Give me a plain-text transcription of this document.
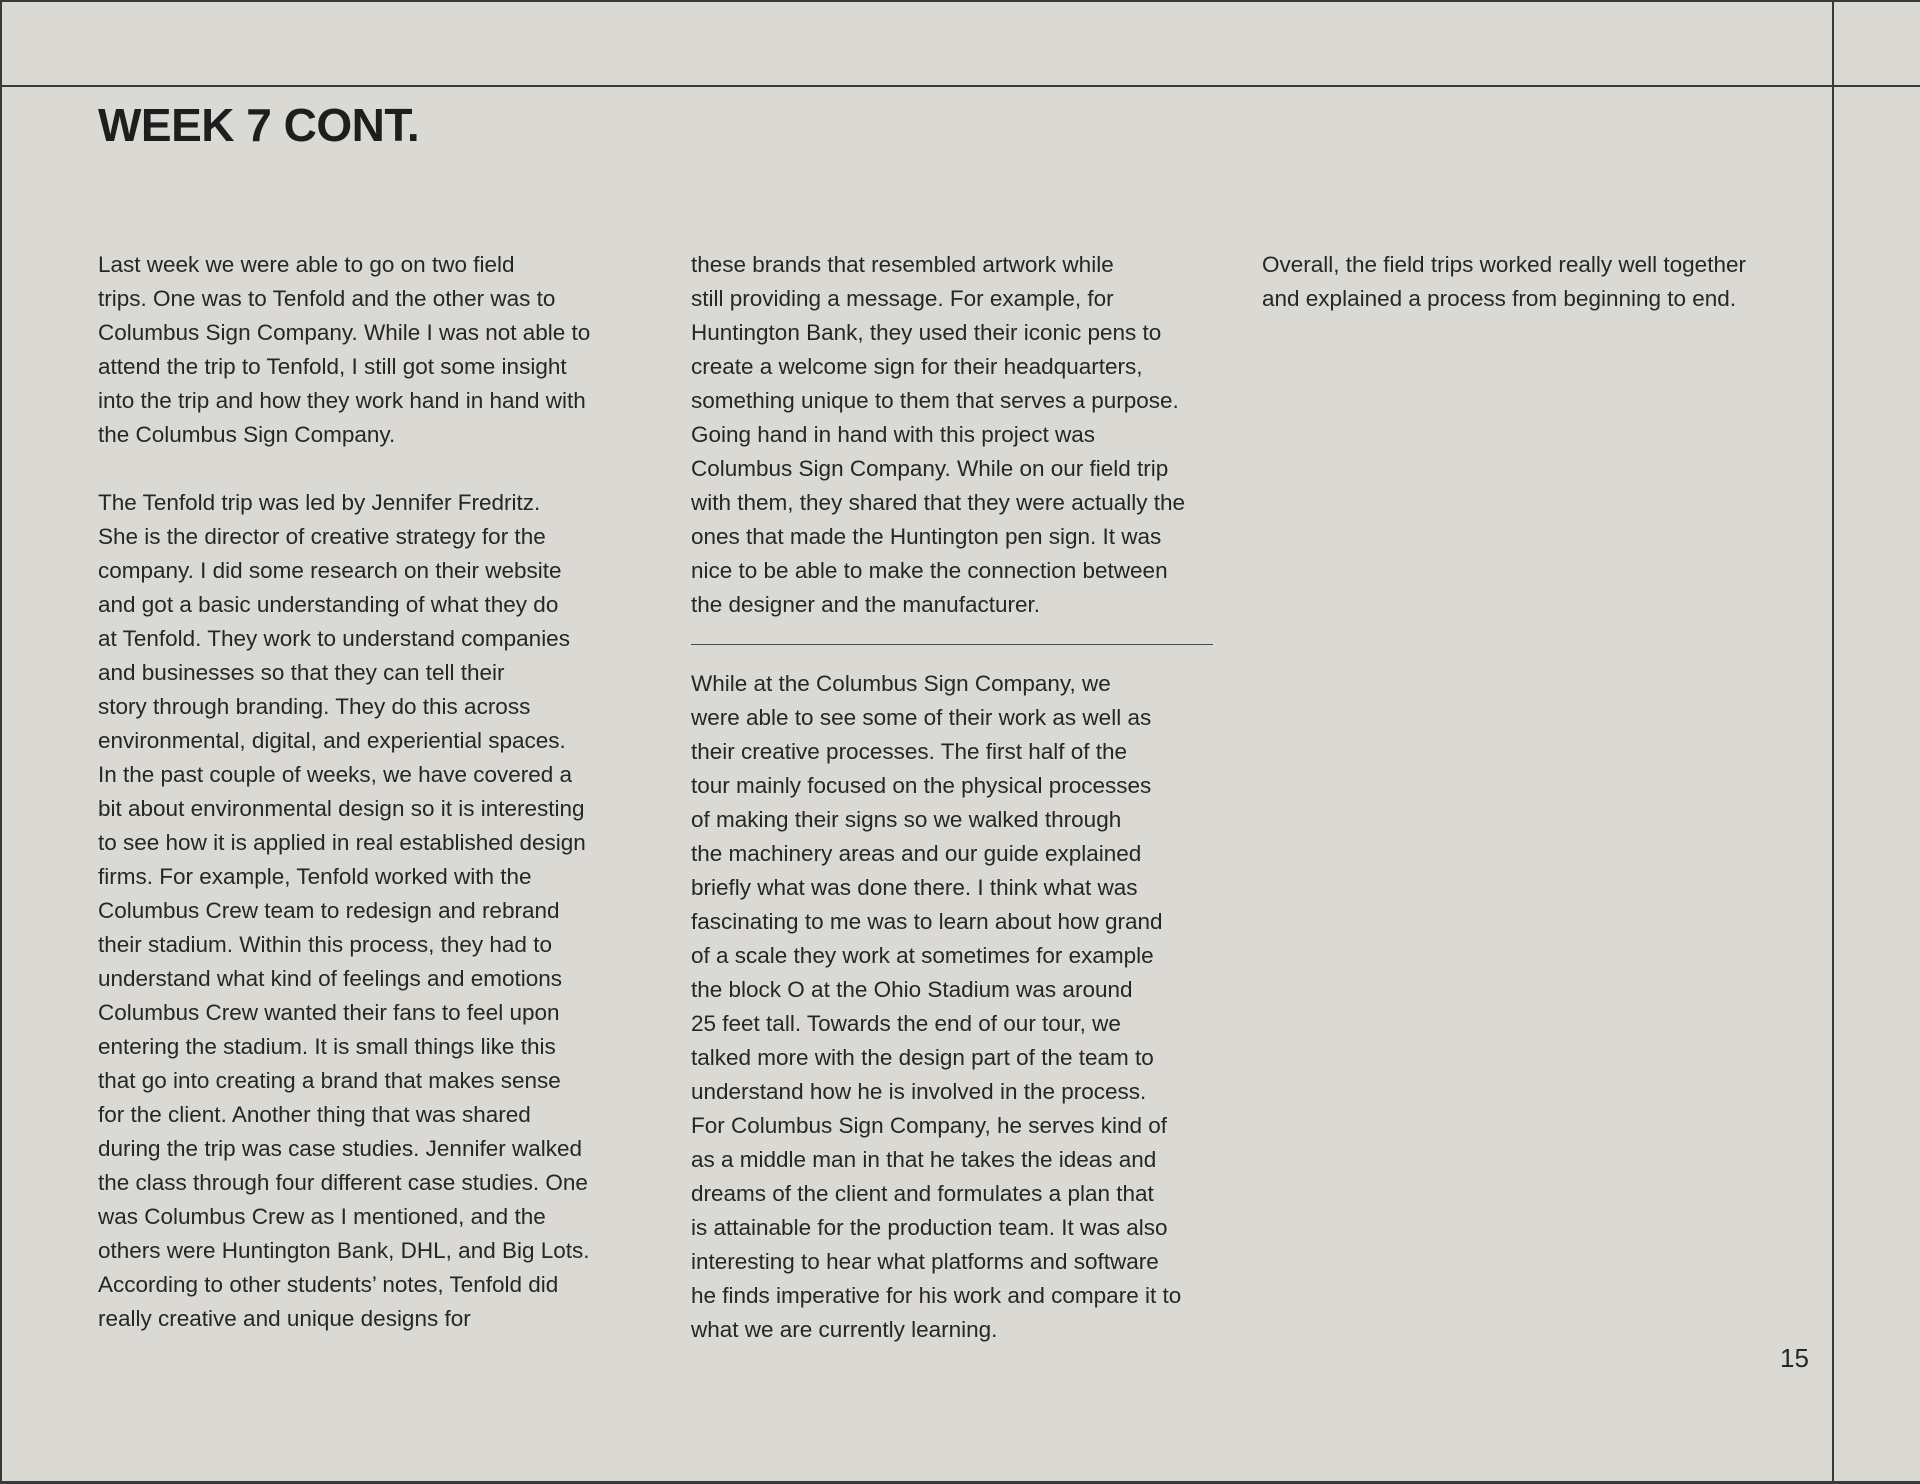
WEEK 7 CONT.

Last week we were able to go on two field
trips. One was to Tenfold and the other was to
Columbus Sign Company. While I was not able to
attend the trip to Tenfold, I still got some insight
into the trip and how they work hand in hand with
the Columbus Sign Company.

The Tenfold trip was led by Jennifer Fredritz.
She is the director of creative strategy for the
company. I did some research on their website
and got a basic understanding of what they do
at Tenfold. They work to understand companies
and businesses so that they can tell their
story through branding. They do this across
environmental, digital, and experiential spaces.
In the past couple of weeks, we have covered a
bit about environmental design so it is interesting
to see how it is applied in real established design
firms. For example, Tenfold worked with the
Columbus Crew team to redesign and rebrand
their stadium. Within this process, they had to
understand what kind of feelings and emotions
Columbus Crew wanted their fans to feel upon
entering the stadium. It is small things like this
that go into creating a brand that makes sense
for the client. Another thing that was shared
during the trip was case studies. Jennifer walked
the class through four different case studies. One
was Columbus Crew as I mentioned, and the
others were Huntington Bank, DHL, and Big Lots.
According to other students’ notes, Tenfold did
really creative and unique designs for

these brands that resembled artwork while
still providing a message. For example, for
Huntington Bank, they used their iconic pens to
create a welcome sign for their headquarters,
something unique to them that serves a purpose.
Going hand in hand with this project was
Columbus Sign Company. While on our field trip
with them, they shared that they were actually the
ones that made the Huntington pen sign. It was
nice to be able to make the connection between
the designer and the manufacturer.

While at the Columbus Sign Company, we
were able to see some of their work as well as
their creative processes. The first half of the
tour mainly focused on the physical processes
of making their signs so we walked through
the machinery areas and our guide explained
briefly what was done there. I think what was
fascinating to me was to learn about how grand
of a scale they work at sometimes for example
the block O at the Ohio Stadium was around
25 feet tall. Towards the end of our tour, we
talked more with the design part of the team to
understand how he is involved in the process.
For Columbus Sign Company, he serves kind of
as a middle man in that he takes the ideas and
dreams of the client and formulates a plan that
is attainable for the production team. It was also
interesting to hear what platforms and software
he finds imperative for his work and compare it to
what we are currently learning.

Overall, the field trips worked really well together
and explained a process from beginning to end.

15
